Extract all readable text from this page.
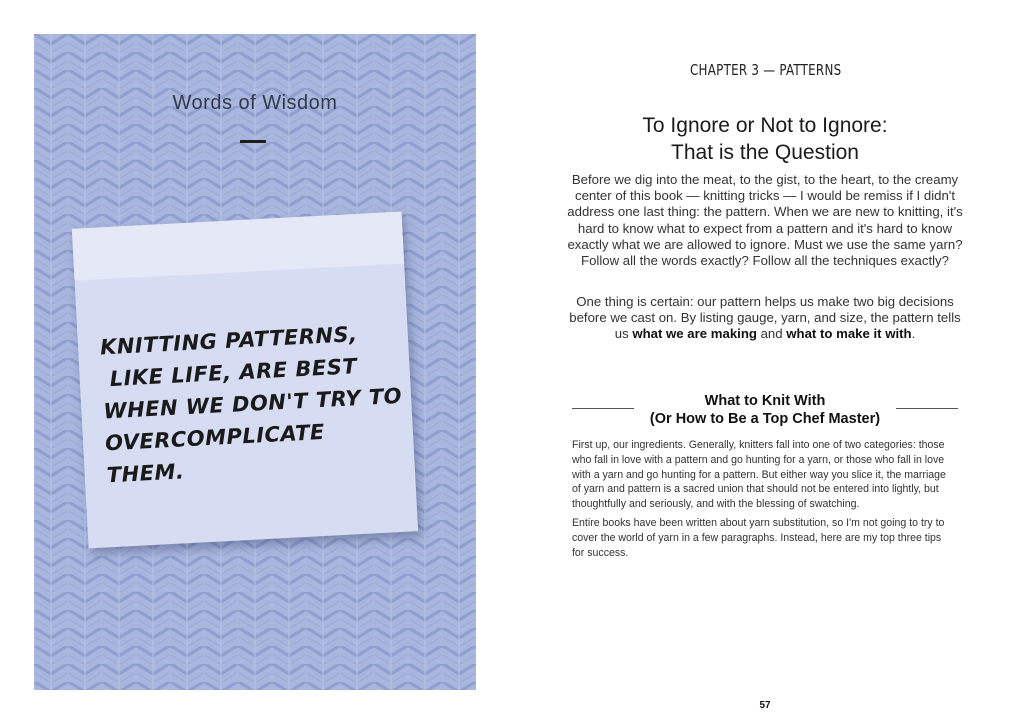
Words of Wisdom
KNITTING PATTERNS,
LIKE LIFE, ARE BEST
WHEN WE DON'T TRY TO
OVERCOMPLICATE THEM.
CHAPTER 3 — PATTERNS
To Ignore or Not to Ignore:
That is the Question
Before we dig into the meat, to the gist, to the heart, to the creamy center of this book — knitting tricks — I would be remiss if I didn't address one last thing: the pattern. When we are new to knitting, it's hard to know what to expect from a pattern and it's hard to know exactly what we are allowed to ignore. Must we use the same yarn? Follow all the words exactly? Follow all the techniques exactly?
One thing is certain: our pattern helps us make two big decisions before we cast on. By listing gauge, yarn, and size, the pattern tells us what we are making and what to make it with.
What to Knit With
(Or How to Be a Top Chef Master)
First up, our ingredients. Generally, knitters fall into one of two categories: those who fall in love with a pattern and go hunting for a yarn, or those who fall in love with a yarn and go hunting for a pattern. But either way you slice it, the marriage of yarn and pattern is a sacred union that should not be entered into lightly, but thoughtfully and seriously, and with the blessing of swatching.
Entire books have been written about yarn substitution, so I'm not going to try to cover the world of yarn in a few paragraphs. Instead, here are my top three tips for success.
57
